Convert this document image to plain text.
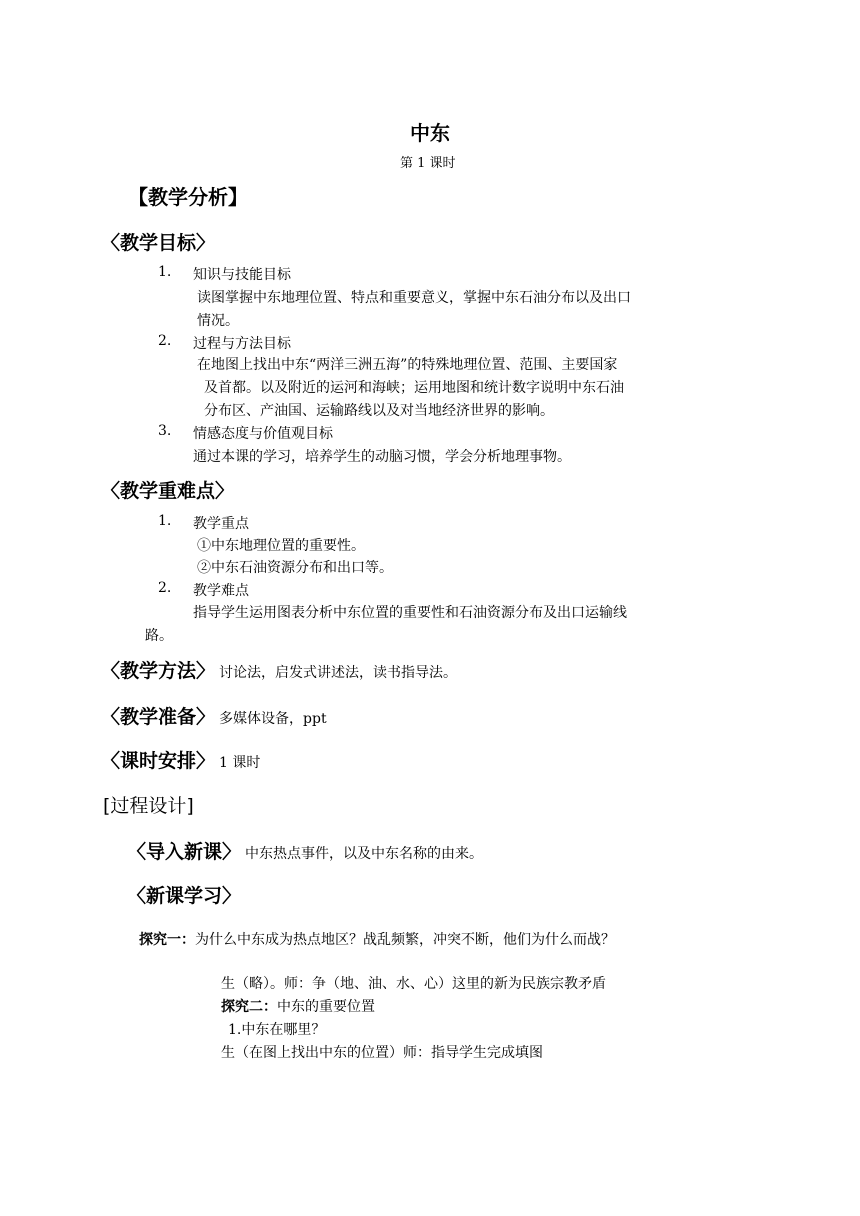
中东
第 1 课时
【教学分析】
〈教学目标〉
1. 知识与技能目标
读图掌握中东地理位置、特点和重要意义，掌握中东石油分布以及出口
情况。
2. 过程与方法目标
在地图上找出中东“两洋三洲五海”的特殊地理位置、范围、主要国家
及首都。以及附近的运河和海峡；运用地图和统计数字说明中东石油
分布区、产油国、运输路线以及对当地经济世界的影响。
3. 情感态度与价值观目标
通过本课的学习，培养学生的动脑习惯，学会分析地理事物。
〈教学重难点〉
1. 教学重点
①中东地理位置的重要性。
②中东石油资源分布和出口等。
2. 教学难点
指导学生运用图表分析中东位置的重要性和石油资源分布及出口运输线
路。
〈教学方法〉 讨论法，启发式讲述法，读书指导法。
〈教学准备〉 多媒体设备，ppt
〈课时安排〉 1 课时
[过程设计]
〈导入新课〉 中东热点事件，以及中东名称的由来。
〈新课学习〉
探究一：为什么中东成为热点地区？战乱频繁，冲突不断，他们为什么而战？
生（略）。师：争（地、油、水、心）这里的新为民族宗教矛盾
探究二：中东的重要位置
1.中东在哪里？
生（在图上找出中东的位置）师：指导学生完成填图
